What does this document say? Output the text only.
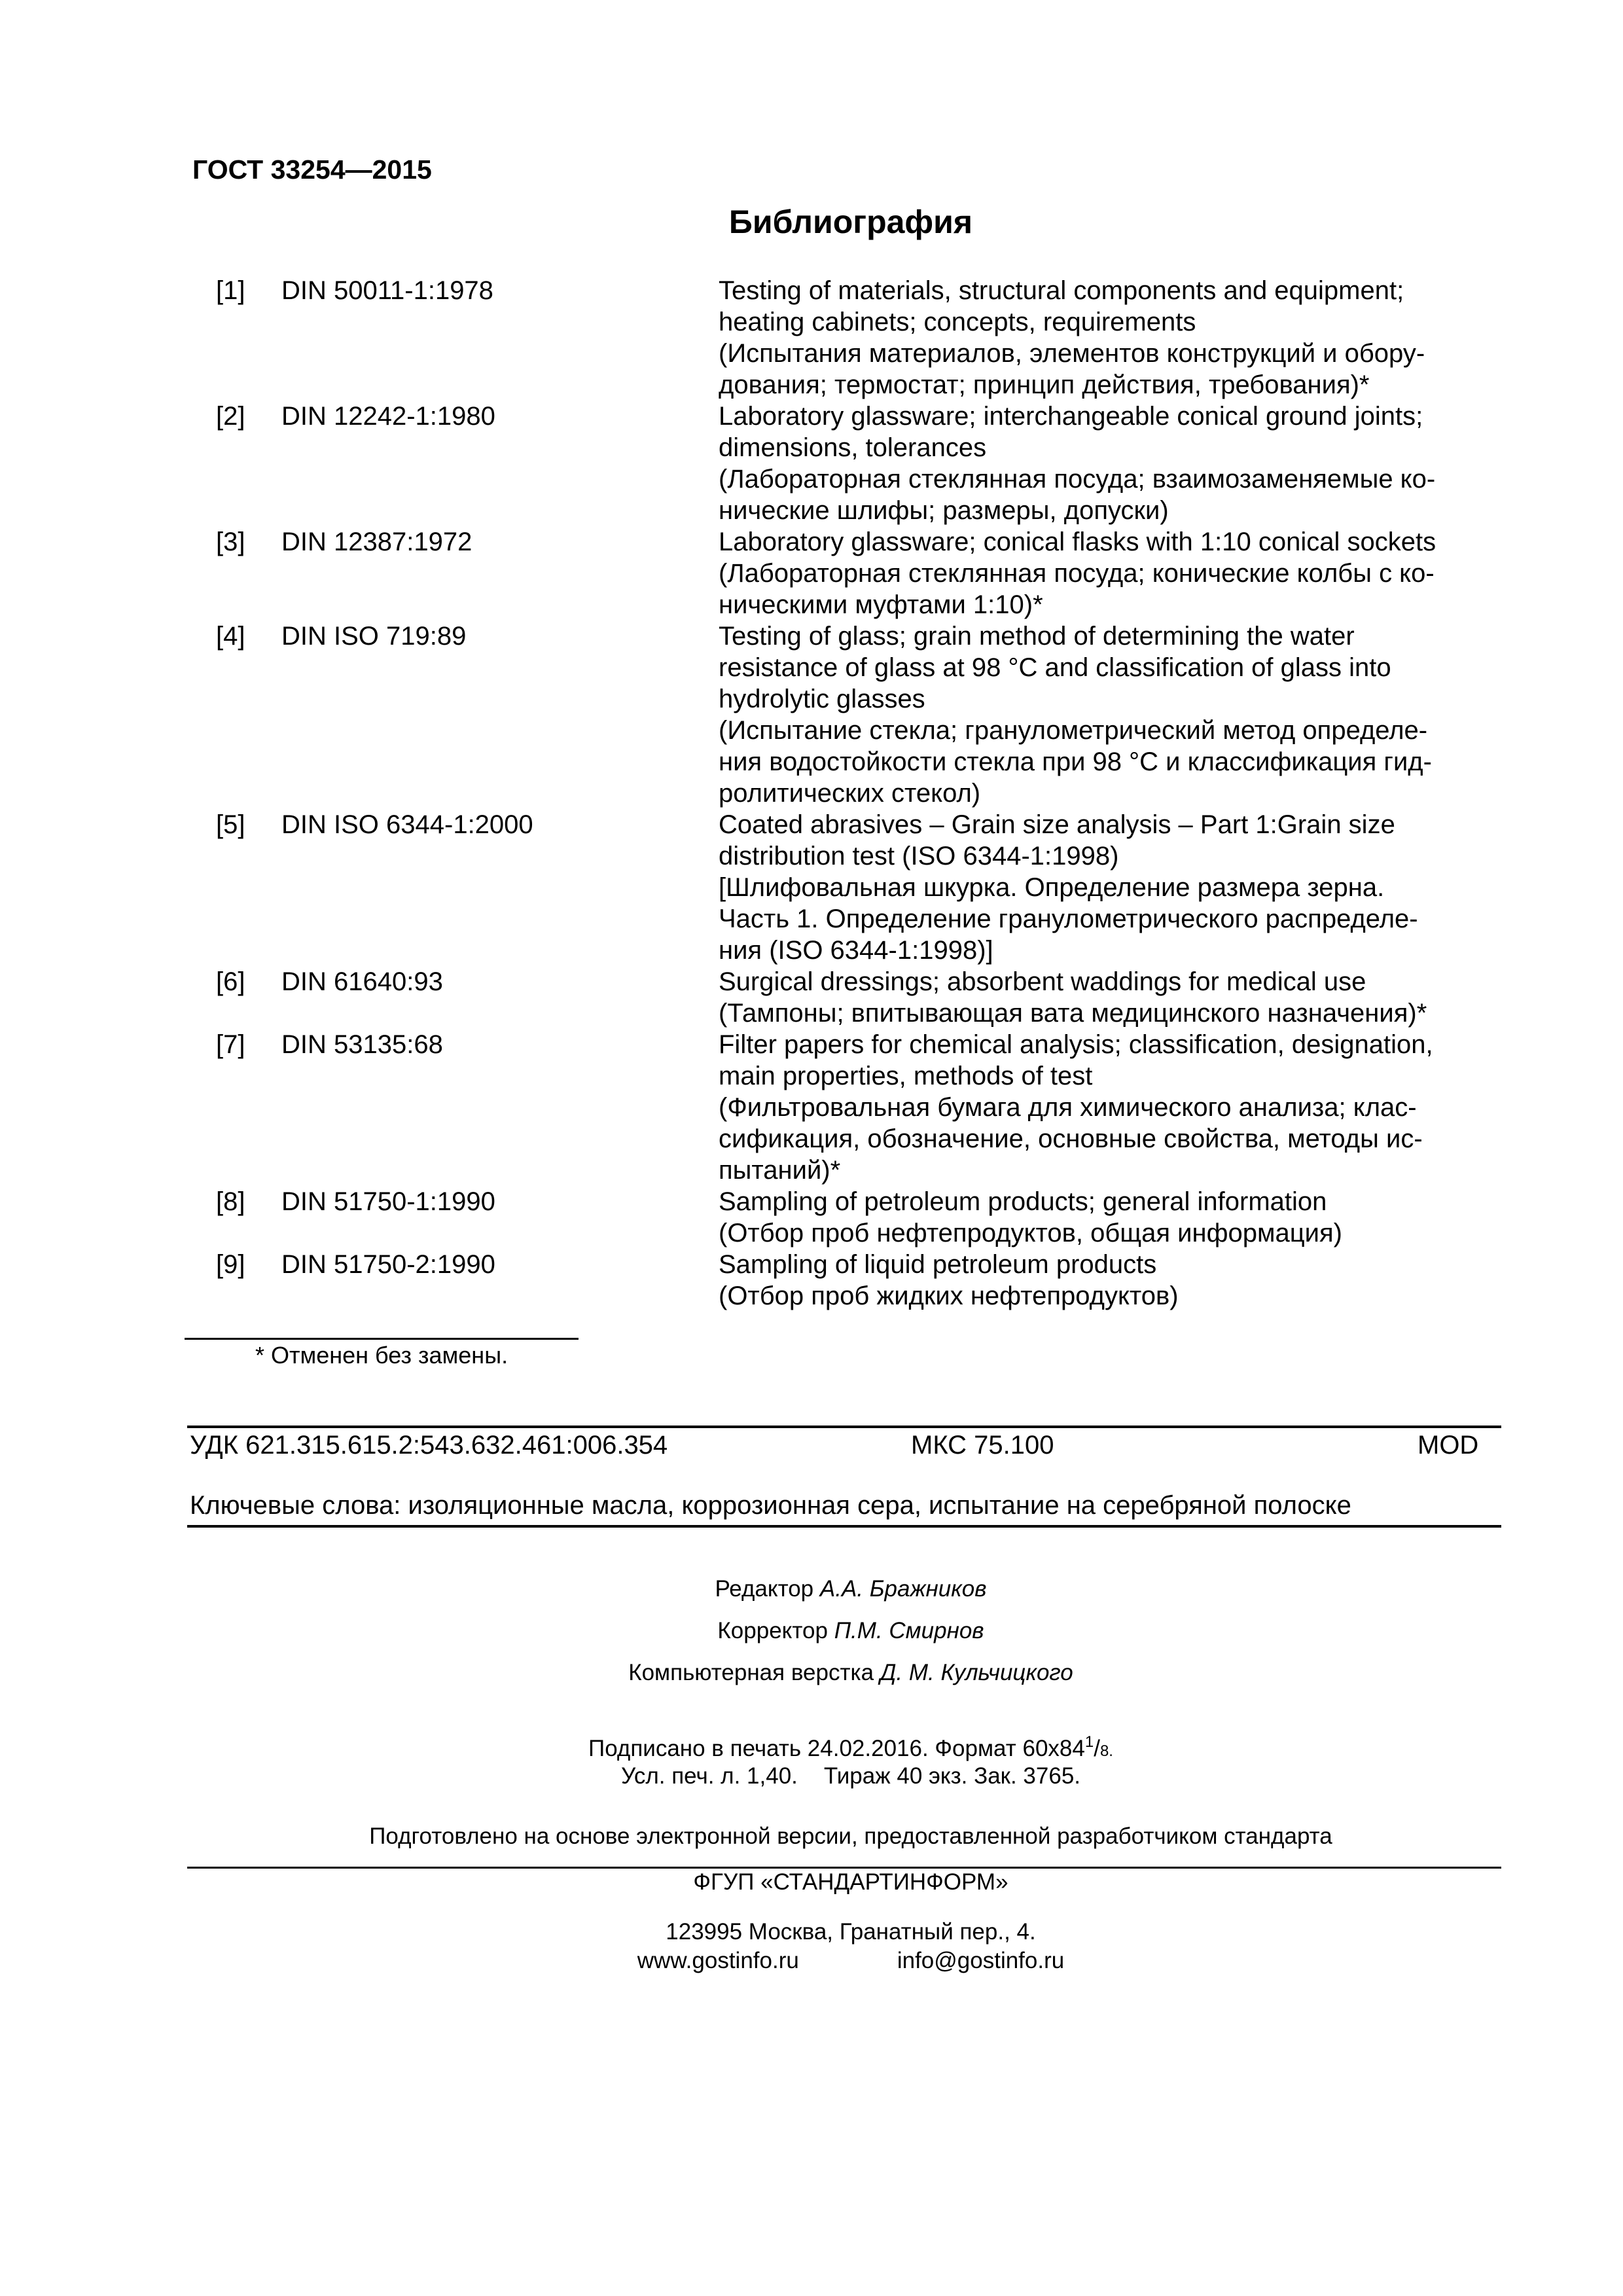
ГОСТ 33254—2015
Библиография
[1] DIN 50011-1:1978	Testing of materials, structural components and equipment;
heating cabinets; concepts, requirements
(Испытания материалов, элементов конструкций и обору-
дования; термостат; принцип действия, требования)*
[2] DIN 12242-1:1980	Laboratory glassware; interchangeable conical ground joints;
dimensions, tolerances
(Лабораторная стеклянная посуда; взаимозаменяемые ко-
нические шлифы; размеры, допуски)
[3] DIN 12387:1972	Laboratory glassware; conical flasks with 1:10 conical sockets
(Лабораторная стеклянная посуда; конические колбы с ко-
ническими муфтами 1:10)*
[4] DIN ISO 719:89	Testing of glass; grain method of determining the water
resistance of glass at 98 °C and classification of glass into
hydrolytic glasses
(Испытание стекла; гранулометрический метод определе-
ния водостойкости стекла при 98 °C и классификация гид-
ролитических стекол)
[5] DIN ISO 6344-1:2000	Coated abrasives – Grain size analysis – Part 1:Grain size
distribution test (ISO 6344-1:1998)
[Шлифовальная шкурка. Определение размера зерна.
Часть 1. Определение гранулометрического распределе-
ния (ISO 6344-1:1998)]
[6] DIN 61640:93	Surgical dressings; absorbent waddings for medical use
(Тампоны; впитывающая вата медицинского назначения)*
[7] DIN 53135:68	Filter papers for chemical analysis; classification, designation,
main properties, methods of test
(Фильтровальная бумага для химического анализа; клас-
сификация, обозначение, основные свойства, методы ис-
пытаний)*
[8] DIN 51750-1:1990	Sampling of petroleum products; general information
(Отбор проб нефтепродуктов, общая информация)
[9] DIN 51750-2:1990	Sampling of liquid petroleum products
(Отбор проб жидких нефтепродуктов)
* Отменен без замены.
УДК 621.315.615.2:543.632.461:006.354	МКС 75.100	MOD
Ключевые слова: изоляционные масла, коррозионная сера, испытание на серебряной полоске
Редактор А.А. Бражников
Корректор П.М. Смирнов
Компьютерная верстка Д. М. Кульчицкого
Подписано в печать 24.02.2016. Формат $60х84^1/8$.
Усл. печ. л. 1,40. Тираж 40 экз. Зак. 3765.
Подготовлено на основе электронной версии, предоставленной разработчиком стандарта
ФГУП «СТАНДАРТИНФОРМ»
123995 Москва, Гранатный пер., 4.
www.gostinfo.ru	info@gostinfo.ru
